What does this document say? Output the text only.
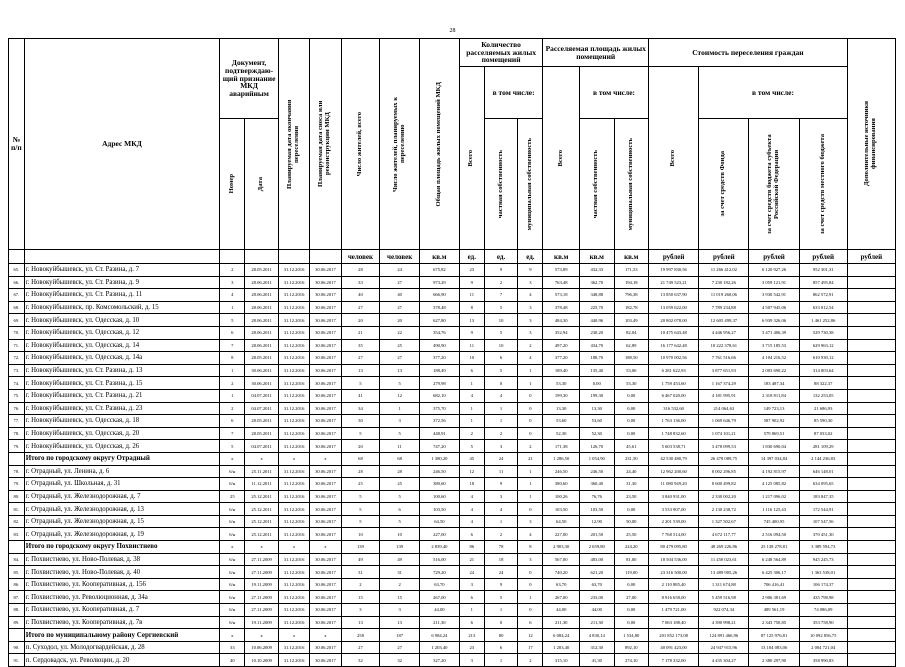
28
№ п/п	Адрес МКД	Документ, подтверждаю-щий признание МКД аварийным		Планируемая дата окончания переселения	Планируемая дата сноса или реконструкции МКД	Число жителей, всего	Число жителей, планируемых к переселению	Общая площадь жилых помещений МКД	Количество расселяемых жилых помещений			Расселяемая площадь жилых помещений			Стоимость переселения граждан				Дополнительные источники финансирования

									Всего	в том числе:		Всего	в том числе:		Всего	в том числе:			

		Номер	Дата							частная собственность	муниципальная собственность		частная собственность	муниципальная собственность		за счет средств Фонда	за счет средств бюджета субъекта Российской Федерации	за счет средств местного бюджета	

						человек	человек	кв.м	ед.	ед.	ед.	кв.м	кв.м	кв.м	рублей	рублей	рублей	рублей	рублей
65.	г. Новокуйбышевск, ул. Ст. Разина, д. 7	2	28.05.2011	31.12.2016	30.06.2017	28	24	675,82	23	9	9	573,89	432,33	171,53	19 997 830,56	11 266 412,02	6 120 927,26	952 301,31	
66.	г. Новокуйбышевск, ул. Ст. Разина, д. 9	3	28.06.2011	31.12.2016	30.06.2017	33	27	973,29	9	2	3	763,48	362,70	194,18	21 749 523,21	7 230 182,26	3 059 121,91	857 495,84	
67.	г. Новокуйбышевск, ул. Ст. Разина, д. 11	4	28.06.2011	31.12.2016	30.06.2017	40	40	666,90	11	7	4	573,18	348,88	796,38	13 850 637,90	11 019 260,06	3 930 542,91	862 572,91	
68.	г. Новокуйбышевск, пр. Комсомольский, д. 15	1	28.06.2011	31.12.2016	30.06.2017	27	27	378,48	8	5	3	378,48	225,70	182,78	13 059 622,00	7 789 234,88	4 507 945,06	633 012,54	
69.	г. Новокуйбышевск, ул. Одесская, д. 10	5	28.06.2011	31.12.2016	30.06.2017	20	20	627,80	13	10	3	484,30	440,96	103,49	20 802 078,00	12 605 499,37	6 939 326,06	1 461 252,86	
70.	г. Новокуйбышевск, ул. Одесская, д. 12	6	28.06.2011	31.12.2016	30.06.2017	21	22	354,76	9	5	3	352,94	230,20	82,04	10 475 643,48	4 446 956,27	3 471 406,39	529 730,38	
71.	г. Новокуйбышевск, ул. Одесская, д. 14	7	28.06.2011	31.12.2016	30.06.2017	35	25	490,90	11	10	2	497,20	434,70	62,89	16 177 642,48	10 222 378,61	3 715 185,53	629 963,12	
72.	г. Новокуйбышевск, ул. Одесская, д. 14а	8	28.05.2011	31.12.2016	30.06.2017	27	27	377,20	10	6	4	377,20	188,70	188,50	10 970 002,56	7 761 516,66	4 104 216,52	610 930,12	
73.	г. Новокуйбышевск, ул. Ст. Разина, д. 13	1	30.06.2011	31.12.2016	30.06.2017	13	13	188,49	6	5	1	189,40	135,40	53,06	6 281 622,93	3 877 651,93	2 003 690,22	314 003,64	
74.	г. Новокуйбышевск, ул. Ст. Разина, д. 15	2	30.06.2011	31.12.2016	30.06.2017	5	5	279,98	1	0	1	53,30	0,00	53,30	1 759 453,60	1 167 374,29	183 487,34	88 322,37	
75.	г. Новокуйбышевск, ул. Ст. Разина, д. 21	1	04.07.2011	31.12.2016	30.06.2017	41	12	682,10	4	4	0	199,30	199,30	0,00	6 467 020,00	4 181 995,91	2 318 811,84	132 253,05	
76.	г. Новокуйбышевск, ул. Ст. Разина, д. 23	2	04.07.2011	31.12.2016	30.06.2017	34	1	375,70	1	1	0	13,30	13,30	0,00	316 532,60	214 064,63	149 723,13	21 686,93	
77.	г. Новокуйбышевск, ул. Одесская, д. 18	6	28.05.2011	31.12.2016	30.06.2017	30	3	372,56	1	1	0	53,60	53,60	0,00	1 763 136,00	1 069 646,79	587 902,92	85 590,30	
78.	г. Новокуйбышевск, ул. Одесская, д. 20	7	28.05.2011	31.12.2016	30.06.2017	5	5	448,91	2	2	0	52,30	52,30	0,00	1 748 832,60	1 074 101,21	579 869,51	87 033,02	
79.	г. Новокуйбышевск, ул. Одесская, д. 26	5	04.07.2011	31.12.2016	30.06.2017	20	11	747,20	5	3	2	171,38	126,70	45,61	5 603 538,71	3 478 099,53	1 830 690,04	281 109,29	
	Итого по городскому округу Отрадный	x	x	x	x	68	68	1 380,20	45	24	21	1 286,50	1 054,90	231,50	42 530 480,79	26 478 089,75	14 397 034,84	2 144 236,83	
78.	г. Отрадный, ул. Ленина, д. 6	6/н	25.11.2011	31.12.2016	30.06.2017	28	28	246,50	12	11	1	246,50	246,50	24,40	12 962 200,60	8 002 296,85	4 192 815,97	646 148,01	
79.	г. Отрадный, ул. Школьная, д. 31	6/н	11.12.2011	31.12.2016	30.06.2017	25	25	380,60	18	9	1	380,60	360,40	31,30	11 080 949,20	8 600 499,82	4 125 085,82	634 095,65	
80.	г. Отрадный, ул. Железнодорожная, д. 7	25	25.12.2011	31.12.2016	30.06.2017	5	5	100,60	4	3	1	100,26	76,76	23,50	3 840 931,00	2 330 002,20	1 217 096,02	183 847,35	
81.	г. Отрадный, ул. Железнодорожная, д. 13	6/н	25.12.2011	31.12.2016	30.06.2017	5	6	103,50	4	4	0	103,50	103,50	0,00	3 533 907,00	2 130 238,72	1 116 125,43	172 544,91	
82.	г. Отрадный, ул. Железнодорожная, д. 15	6/н	25.12.2011	31.12.2016	30.06.2017	5	5	64,50	4	1	3	64,50	12,90	50,00	2 201 539,00	1 327 502,67	745 400,95	107 547,56	
83.	г. Отрадный, ул. Железнодорожная, д. 19	6/н	25.12.2011	31.12.2016	30.06.2017	10	10	227,00	6	2	4	227,00	201,50	25,50	7 768 514,00	4 672 117,77	2 516 094,50	370 451,30	
	Итого по городскому округу Похвистнево	x	x	x	x	139	139	2 839,40	86	78	8	2 903,30	2 659,80	224,20	80 479 095,80	48 269 226,86	25 138 278,81	3 389 594,73	
84.	г. Похвистнево, ул. Ново-Полевая, д. 38	6/н	27.11.2009	31.12.2016	30.06.2017	49	49	516,00	21	18	3	567,00	483,00	81,00	18 504 536,00	11 450 023,61	6 248 564,89	945 245,73	
85.	г. Похвистнево, ул. Ново-Полевая, д. 40	6/н	27.11.2009	31.12.2016	30.06.2017	31	31	729,20	24	24	0	740,20	621,20	119,00	23 316 500,00	13 489 905,26	6 425 306,17	1 363 538,01	
86.	г. Похвистнево, ул. Кооперативная, д. 156	6/н	19.11.2009	31.12.2016	30.06.2017	2	2	63,70	3	9	0	63,70	63,70	0,00	2 110 885,40	1 311 674,88	706 416,41	106 174,37	
87.	г. Похвистнево, ул. Революционная, д. 34а	6/н	27.11.2009	31.12.2016	30.06.2017	15	15	267,00	6	5	1	267,00	233,00	27,00	8 916 658,00	5 459 516,98	2 906 381,69	435 798,98	
88.	г. Похвистнево, ул. Кооперативная, д. 7	6/н	27.11.2009	31.12.2016	30.06.2017	3	3	44,00	1	1	0	44,00	44,00	0,00	1 479 721,00	922 074,34	489 561,19	74 086,09	
89.	г. Похвистнево, ул. Кооперативная, д. 7в	6/н	19.11.2009	31.12.2016	30.06.2017	13	13	211,30	6	0	6	211,30	211,30	0,00	7 063 188,40	4 390 998,21	2 343 750,85	353 758,90	
	Итого по муниципальному району Сергиевский	x	x	x	x	258	187	6 984,24	213	80	12	6 084,24	4 830,14	1 534,80	201 852 173,08	124 891 466,96	87 125 976,81	10 092 856,75	
90.	п. Суходол, ул. Молодогвардейская, д. 28	33	10.06.2009	31.12.2016	30.06.2017	27	27	1 203,40	23	6	17	1 203,40	312,30	892,10	40 091 423,00	24 947 915,96	13 104 083,06	2 004 721,04	
91.	п. Сердовадск, ул. Революции, д. 20	40	10.10.2009	31.12.2016	30.06.2017	32	32	327,20	3	1	2	315,10	41,30	274,10	7 178 332,00	4 435 304,27	2 380 297,90	358 990,83	
